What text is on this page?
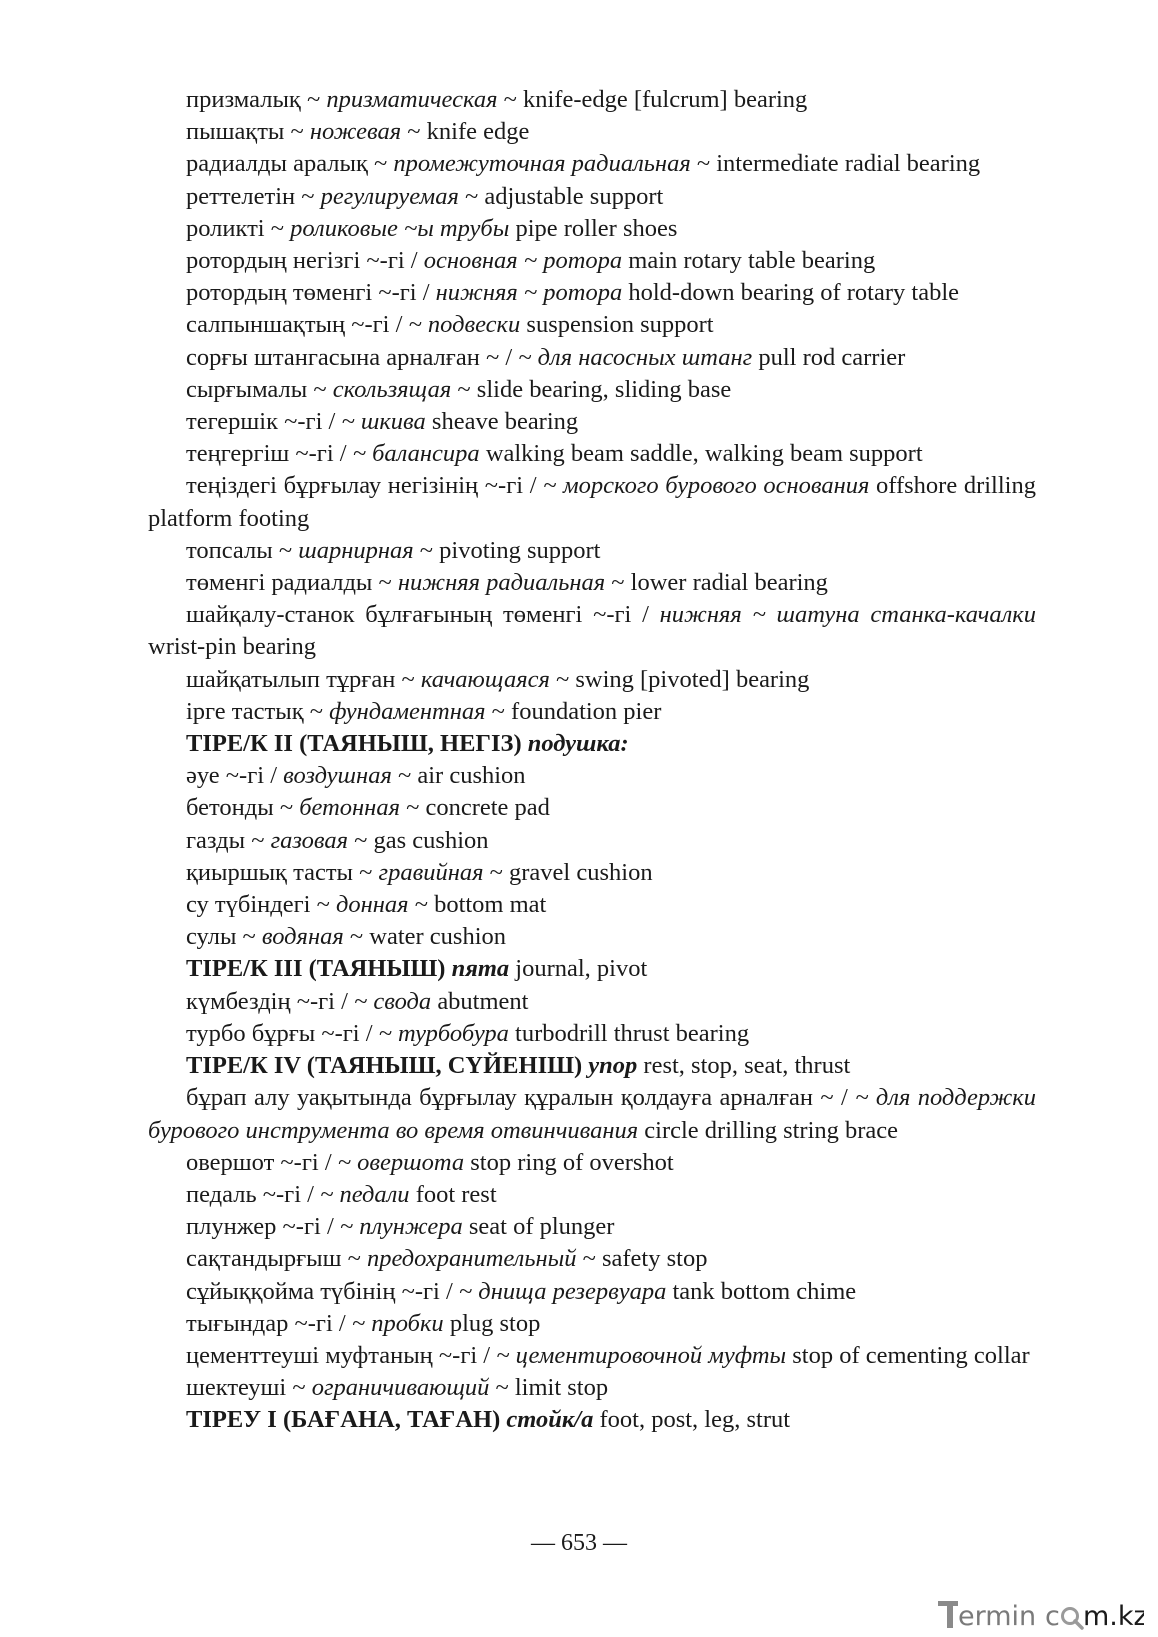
призмалық ~ призматическая ~ knife-edge [fulcrum] bearing

пышақты ~ ножевая ~ knife edge

радиалды аралық ~ промежуточная радиальная ~ intermediate radial bearing

реттелетін ~ регулируемая ~ adjustable support

роликті ~ роликовые ~ы трубы pipe roller shoes

ротордың негізгі ~-гі / основная ~ ротора main rotary table bearing

ротордың төменгі ~-гі / нижняя ~ ротора hold-down bearing of rotary table

салпыншақтың ~-гі / ~ подвески suspension support

сорғы штангасына арналған ~ / ~ для насосных штанг pull rod carrier

сырғымалы ~ скользящая ~ slide bearing, sliding base

тегершік ~-гі / ~ шкива sheave bearing

теңгергіш ~-гі / ~ балансира walking beam saddle, walking beam support

теңіздегі бұрғылау негізінің ~-гі / ~ морского бурового основания offshore drilling platform footing

топсалы ~ шарнирная ~ pivoting support

төменгі радиалды ~ нижняя радиальная ~ lower radial bearing

шайқалу-станок бұлғағының төменгі ~-гі / нижняя ~ шатуна станка-качалки wrist-pin bearing

шайқатылып тұрған ~ качающаяся ~ swing [pivoted] bearing

ірге тастық ~ фундаментная ~ foundation pier

ТІРЕ/К ІІ (ТАЯНЫШ, НЕГІЗ) подушка:

әуе ~-гі / воздушная ~ air cushion

бетонды ~ бетонная ~ concrete pad

газды ~ газовая ~ gas cushion

қиыршық тасты ~ гравийная ~ gravel cushion

су түбіндегі ~ донная ~ bottom mat

сулы ~ водяная ~ water cushion

ТІРЕ/К ІІІ (ТАЯНЫШ) пята journal, pivot

күмбездің ~-гі / ~ свода abutment

турбо бұрғы ~-гі / ~ турбобура turbodrill thrust bearing

ТІРЕ/К ІV (ТАЯНЫШ, СҮЙЕНІШ) упор rest, stop, seat, thrust

бұрап алу уақытында бұрғылау құралын қолдауға арналған ~ / ~ для поддержки бурового инструмента во время отвинчивания circle drilling string brace

овершот ~-гі / ~ овершота stop ring of overshot

педаль ~-гі / ~ педали foot rest

плунжер ~-гі / ~ плунжера seat of plunger

сақтандырғыш ~ предохранительный ~ safety stop

сұйыққойма түбінің ~-гі / ~ днища резервуара tank bottom chime

тығындар ~-гі / ~ пробки plug stop

цементтеуші муфтаның ~-гі / ~ цементировочной муфты stop of cementing collar

шектеуші ~ ограничивающий ~ limit stop

ТІРЕУ І (БАҒАНА, ТАҒАН) стойк/а foot, post, leg, strut

— 653 —
ermin c m.kz
